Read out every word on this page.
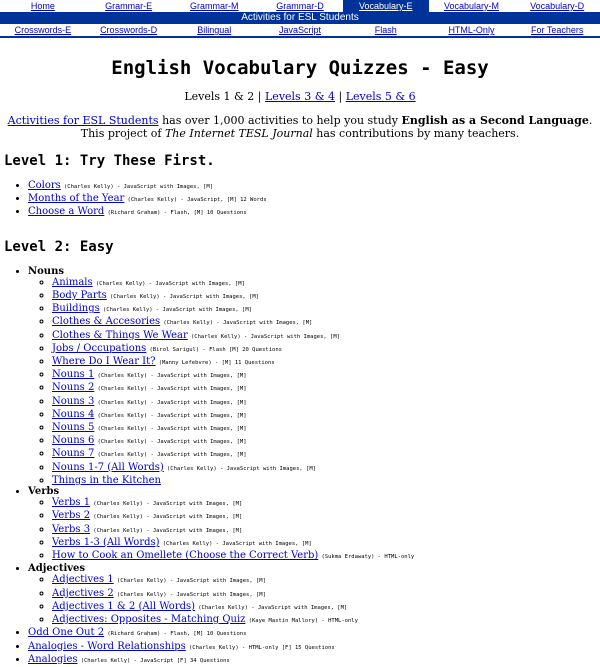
Home	Grammar-E	Grammar-M	Grammar-D	Vocabulary-E	Vocabulary-M	Vocabulary-D
Activities for ESL Students
Crosswords-E	Crosswords-D	Bilingual	JavaScript	Flash	HTML-Only	For Teachers
English Vocabulary Quizzes - Easy
Levels 1 & 2 | Levels 3 & 4 | Levels 5 & 6
Activities for ESL Students has over 1,000 activities to help you study English as a Second Language.
This project of The Internet TESL Journal has contributions by many teachers.
Level 1: Try These First.
• Colors (Charles Kelly) - JavaScript with Images, [M]
• Months of the Year (Charles Kelly) - JavaScript, [M] 12 Words
• Choose a Word (Richard Graham) - Flash, [M] 10 Questions
Level 2: Easy
• Nouns
◦ Animals (Charles Kelly) - JavaScript with Images, [M]
◦ Body Parts (Charles Kelly) - JavaScript with Images, [M]
◦ Buildings (Charles Kelly) - JavaScript with Images, [M]
◦ Clothes & Accesories (Charles Kelly) - JavaScript with Images, [M]
◦ Clothes & Things We Wear (Charles Kelly) - JavaScript with Images, [M]
◦ Jobs / Occupations (Birol Sarigul) - Flash [M] 20 Questions
◦ Where Do I Wear It? (Manny Lefebvre) - [M] 11 Questions
◦ Nouns 1 (Charles Kelly) - JavaScript with Images, [M]
◦ Nouns 2 (Charles Kelly) - JavaScript with Images, [M]
◦ Nouns 3 (Charles Kelly) - JavaScript with Images, [M]
◦ Nouns 4 (Charles Kelly) - JavaScript with Images, [M]
◦ Nouns 5 (Charles Kelly) - JavaScript with Images, [M]
◦ Nouns 6 (Charles Kelly) - JavaScript with Images, [M]
◦ Nouns 7 (Charles Kelly) - JavaScript with Images, [M]
◦ Nouns 1-7 (All Words) (Charles Kelly) - JavaScript with Images, [M]
◦ Things in the Kitchen
• Verbs
◦ Verbs 1 (Charles Kelly) - JavaScript with Images, [M]
◦ Verbs 2 (Charles Kelly) - JavaScript with Images, [M]
◦ Verbs 3 (Charles Kelly) - JavaScript with Images, [M]
◦ Verbs 1-3 (All Words) (Charles Kelly) - JavaScript with Images, [M]
◦ How to Cook an Omellete (Choose the Correct Verb) (Sukma Erdawaty) - HTML-only
• Adjectives
◦ Adjectives 1 (Charles Kelly) - JavaScript with Images, [M]
◦ Adjectives 2 (Charles Kelly) - JavaScript with Images, [M]
◦ Adjectives 1 & 2 (All Words) (Charles Kelly) - JavaScript with Images, [M]
◦ Adjectives: Opposites - Matching Quiz (Kaye Mastin Mallory) - HTML-only
• Odd One Out 2 (Richard Graham) - Flash, [M] 10 Questions
• Analogies - Word Relationships (Charles Kelly) - HTML-only [F] 15 Questions
• Analogies (Charles Kelly) - JavaScript [F] 34 Questions
